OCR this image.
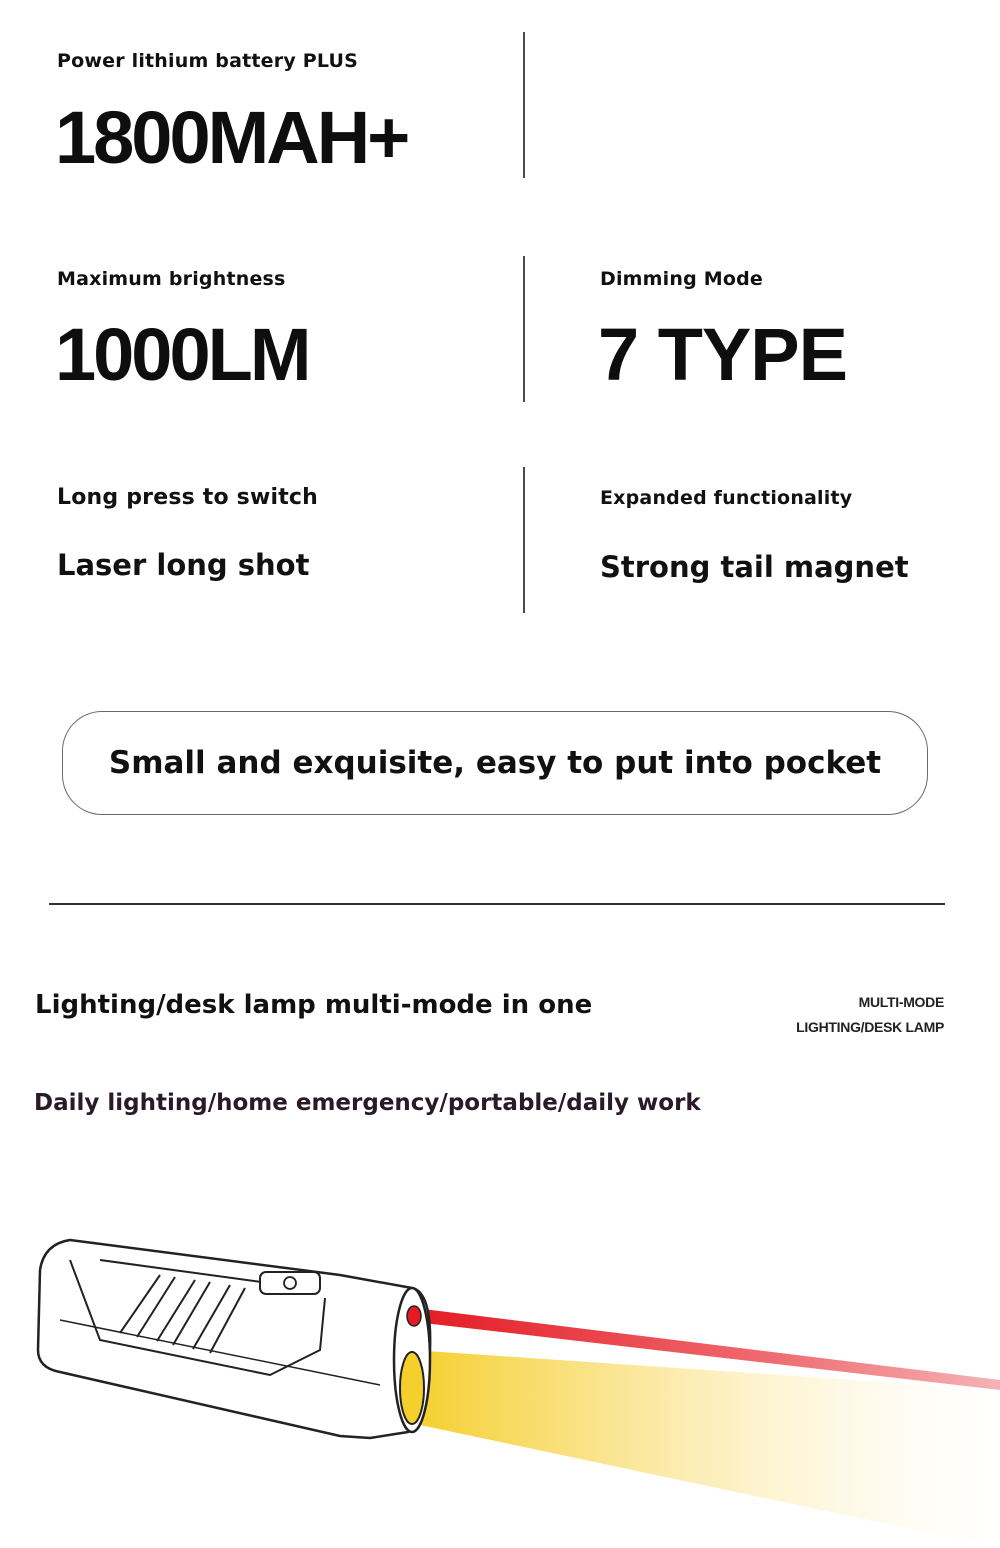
Power lithium battery PLUS
1800MAH+
Maximum brightness
1000LM
Dimming Mode
7 TYPE
Long press to switch
Laser long shot
Expanded functionality
Strong tail magnet
Small and exquisite, easy to put into pocket
Lighting/desk lamp multi-mode in one	MULTI-MODE
LIGHTING/DESK LAMP
Daily lighting/home emergency/portable/daily work
